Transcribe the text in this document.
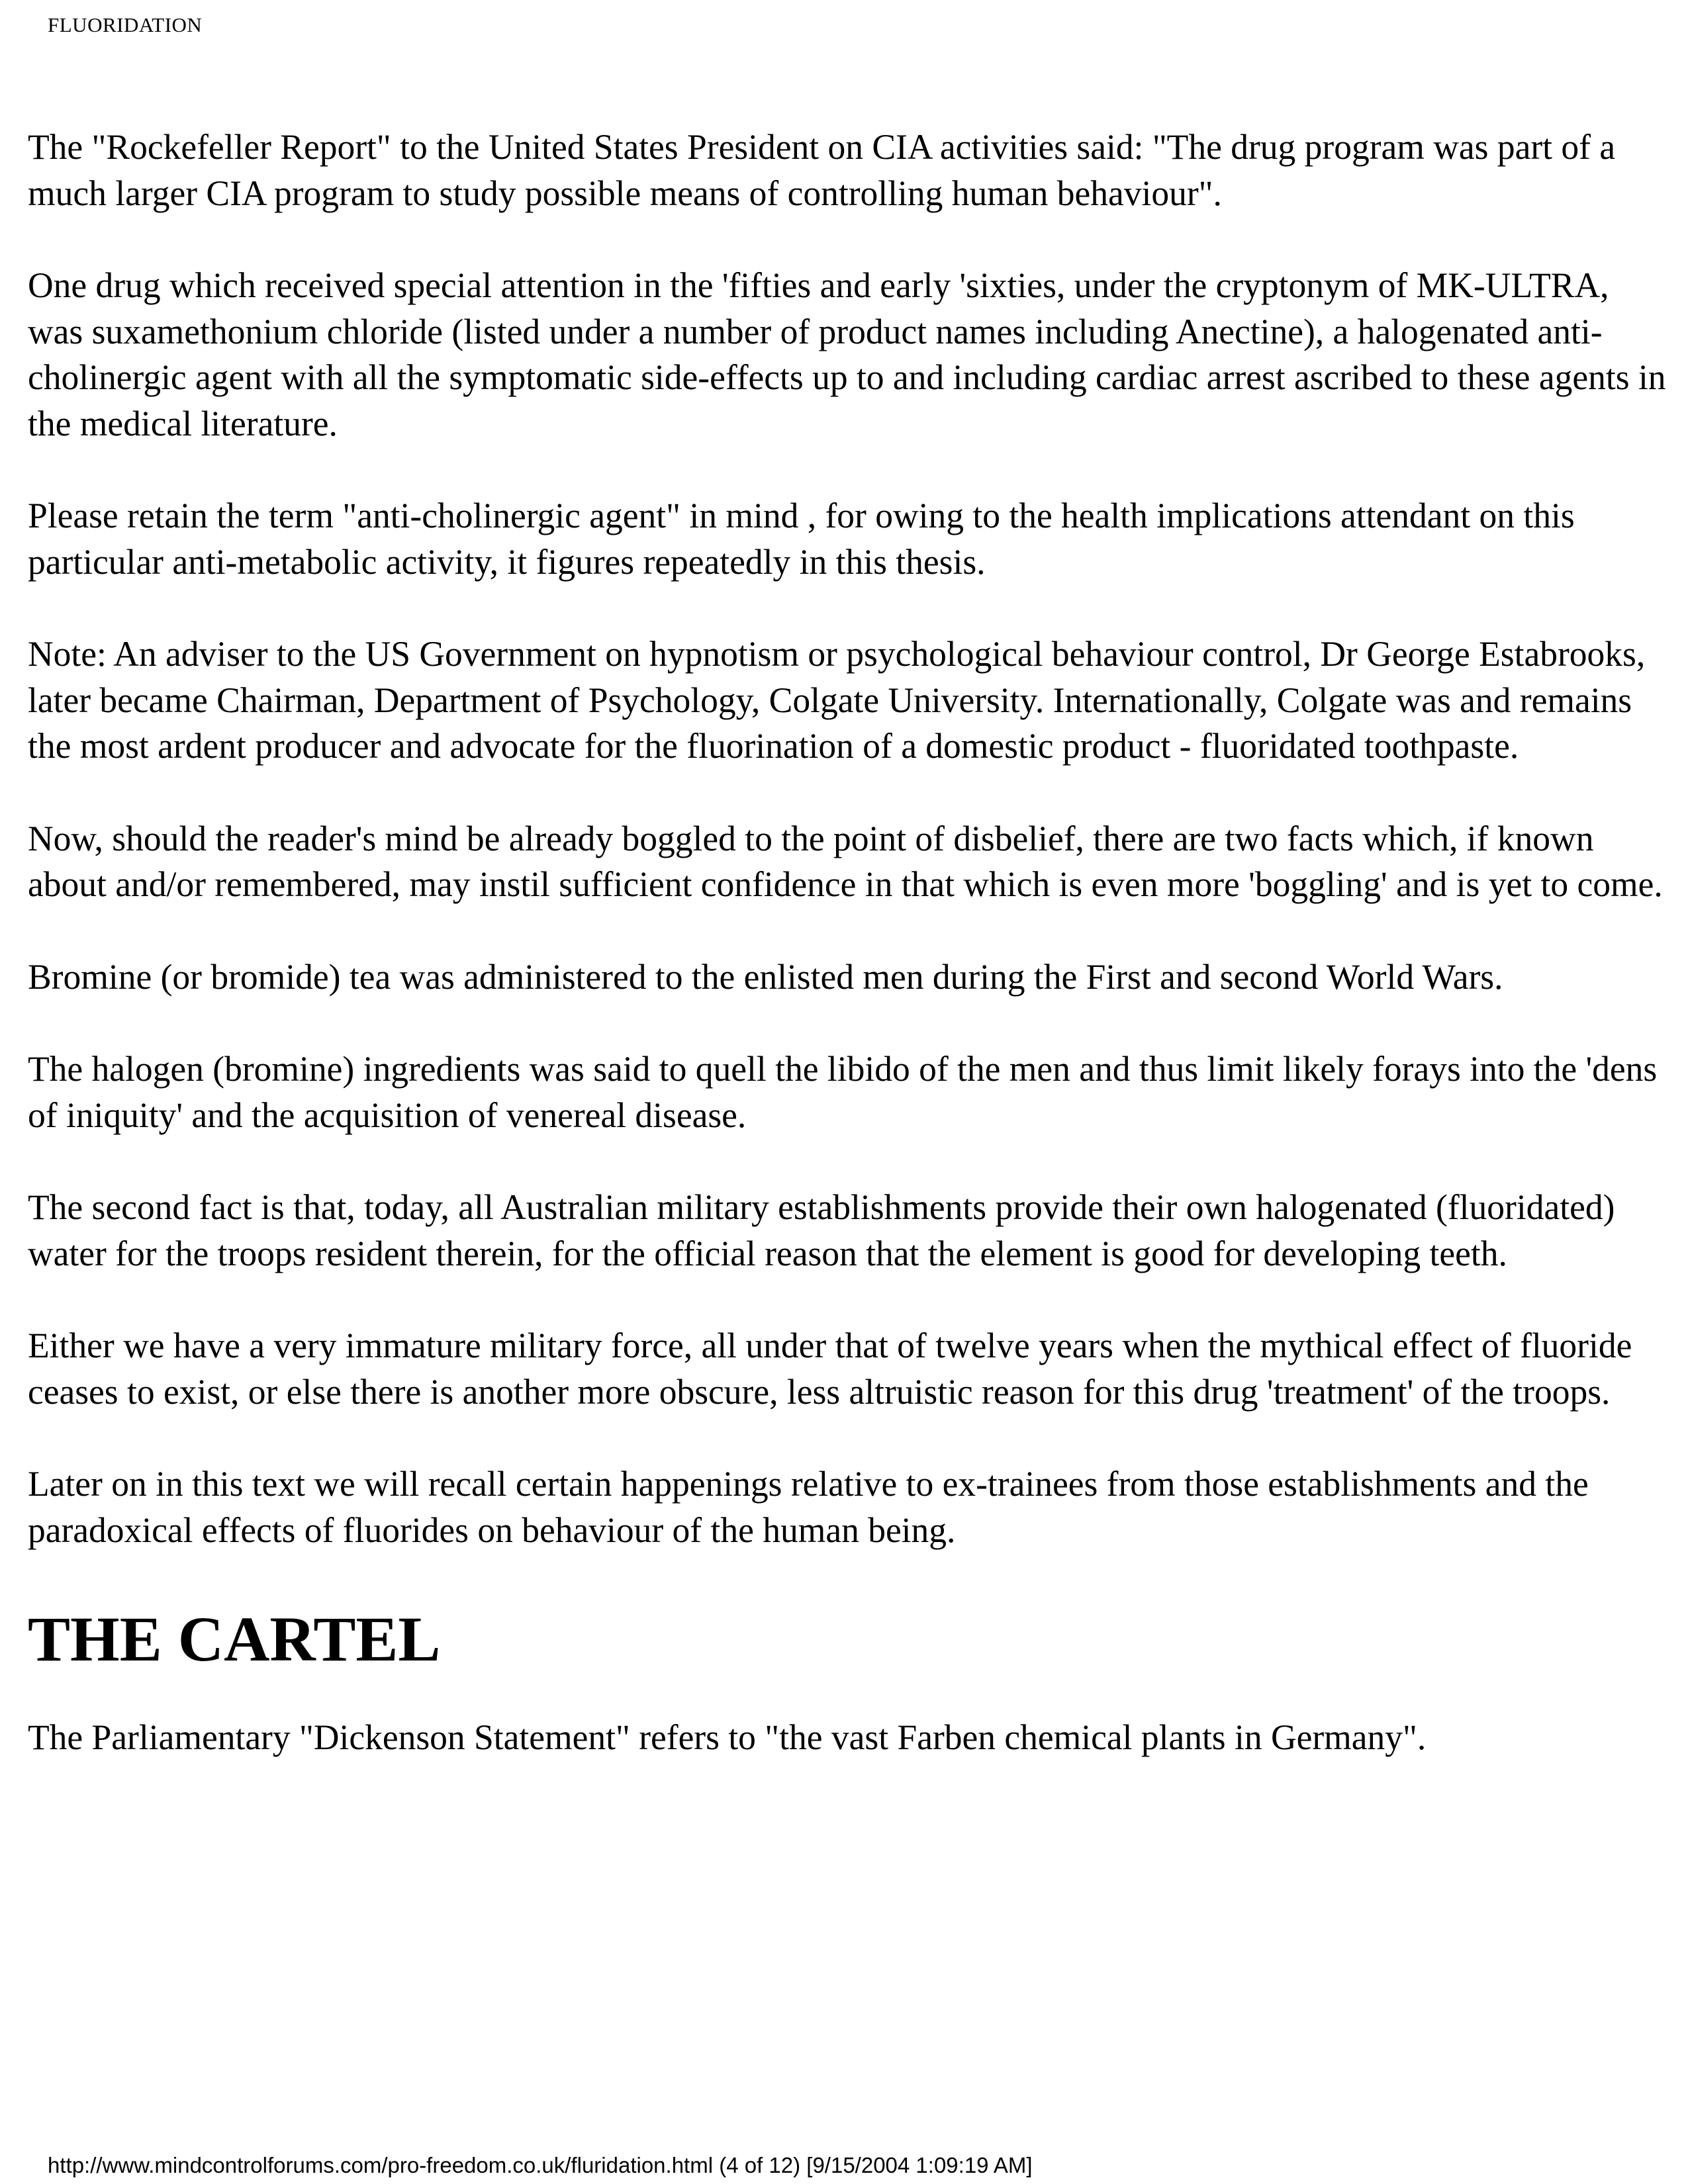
FLUORIDATION

The "Rockefeller Report" to the United States President on CIA activities said: "The drug program was part of a much larger CIA program to study possible means of controlling human behaviour".

One drug which received special attention in the 'fifties and early 'sixties, under the cryptonym of MK-ULTRA, was suxamethonium chloride (listed under a number of product names including Anectine), a halogenated anti-cholinergic agent with all the symptomatic side-effects up to and including cardiac arrest ascribed to these agents in the medical literature.

Please retain the term "anti-cholinergic agent" in mind , for owing to the health implications attendant on this particular anti-metabolic activity, it figures repeatedly in this thesis.

Note: An adviser to the US Government on hypnotism or psychological behaviour control, Dr George Estabrooks, later became Chairman, Department of Psychology, Colgate University. Internationally, Colgate was and remains the most ardent producer and advocate for the fluorination of a domestic product - fluoridated toothpaste.

Now, should the reader's mind be already boggled to the point of disbelief, there are two facts which, if known about and/or remembered, may instil sufficient confidence in that which is even more 'boggling' and is yet to come.

Bromine (or bromide) tea was administered to the enlisted men during the First and second World Wars.

The halogen (bromine) ingredients was said to quell the libido of the men and thus limit likely forays into the 'dens of iniquity' and the acquisition of venereal disease.

The second fact is that, today, all Australian military establishments provide their own halogenated (fluoridated) water for the troops resident therein, for the official reason that the element is good for developing teeth.

Either we have a very immature military force, all under that of twelve years when the mythical effect of fluoride ceases to exist, or else there is another more obscure, less altruistic reason for this drug 'treatment' of the troops.

Later on in this text we will recall certain happenings relative to ex-trainees from those establishments and the paradoxical effects of fluorides on behaviour of the human being.

THE CARTEL

The Parliamentary "Dickenson Statement" refers to "the vast Farben chemical plants in Germany".

http://www.mindcontrolforums.com/pro-freedom.co.uk/fluridation.html (4 of 12) [9/15/2004 1:09:19 AM]
